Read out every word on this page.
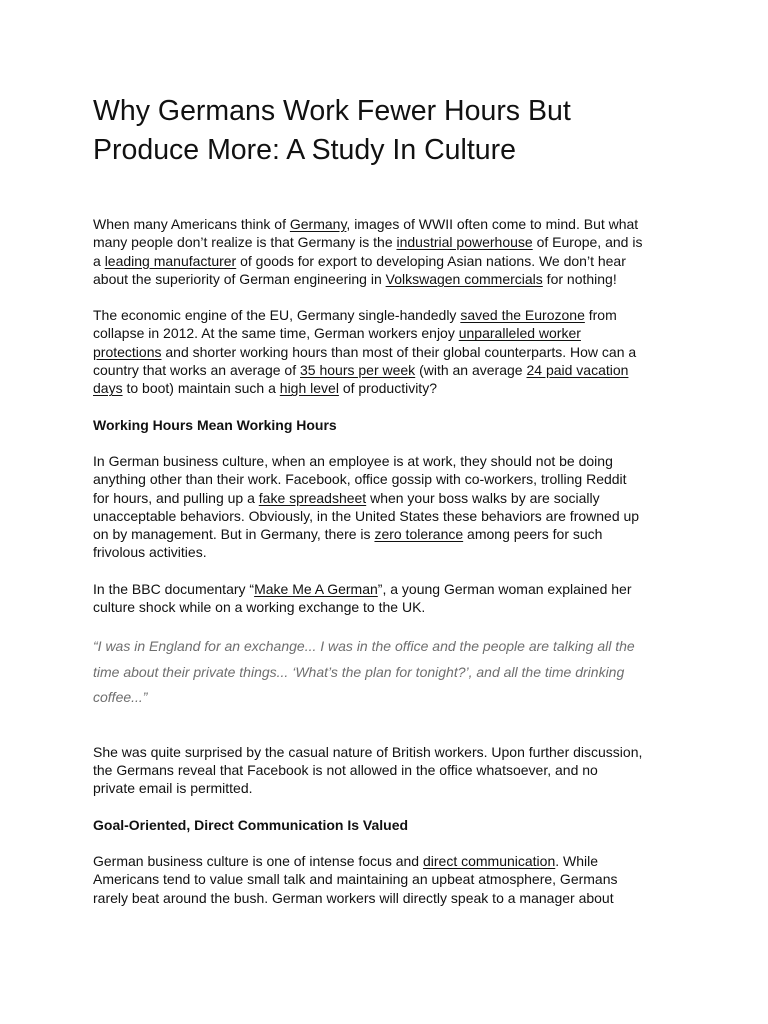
Why Germans Work Fewer Hours But Produce More: A Study In Culture

When many Americans think of Germany, images of WWII often come to mind. But what many people don’t realize is that Germany is the industrial powerhouse of Europe, and is a leading manufacturer of goods for export to developing Asian nations. We don’t hear about the superiority of German engineering in Volkswagen commercials for nothing!

The economic engine of the EU, Germany single-handedly saved the Eurozone from collapse in 2012. At the same time, German workers enjoy unparalleled worker protections and shorter working hours than most of their global counterparts. How can a country that works an average of 35 hours per week (with an average 24 paid vacation days to boot) maintain such a high level of productivity?

Working Hours Mean Working Hours

In German business culture, when an employee is at work, they should not be doing anything other than their work. Facebook, office gossip with co-workers, trolling Reddit for hours, and pulling up a fake spreadsheet when your boss walks by are socially unacceptable behaviors. Obviously, in the United States these behaviors are frowned up on by management. But in Germany, there is zero tolerance among peers for such frivolous activities.

In the BBC documentary “Make Me A German”, a young German woman explained her culture shock while on a working exchange to the UK.

“I was in England for an exchange... I was in the office and the people are talking all the time about their private things... ‘What’s the plan for tonight?’, and all the time drinking coffee...”

She was quite surprised by the casual nature of British workers. Upon further discussion, the Germans reveal that Facebook is not allowed in the office whatsoever, and no private email is permitted.

Goal-Oriented, Direct Communication Is Valued

German business culture is one of intense focus and direct communication. While Americans tend to value small talk and maintaining an upbeat atmosphere, Germans rarely beat around the bush. German workers will directly speak to a manager about
